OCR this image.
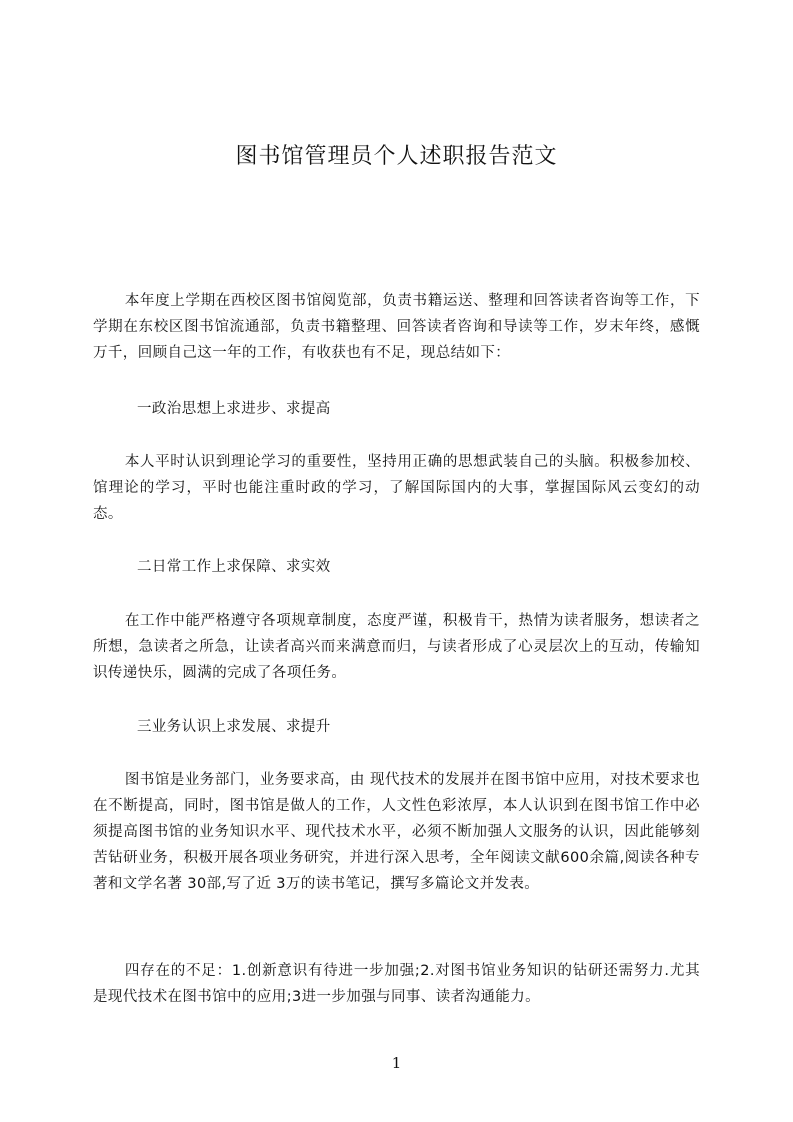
图书馆管理员个人述职报告范文

本年度上学期在西校区图书馆阅览部，负责书籍运送、整理和回答读者咨询等工作，下学期在东校区图书馆流通部，负责书籍整理、回答读者咨询和导读等工作，岁末年终，感慨万千，回顾自己这一年的工作，有收获也有不足，现总结如下：

一政治思想上求进步、求提高

本人平时认识到理论学习的重要性，坚持用正确的思想武装自己的头脑。积极参加校、馆理论的学习，平时也能注重时政的学习，了解国际国内的大事，掌握国际风云变幻的动态。

二日常工作上求保障、求实效

在工作中能严格遵守各项规章制度，态度严谨，积极肯干，热情为读者服务，想读者之所想，急读者之所急，让读者高兴而来满意而归，与读者形成了心灵层次上的互动，传输知识传递快乐，圆满的完成了各项任务。

三业务认识上求发展、求提升

图书馆是业务部门，业务要求高，由 现代技术的发展并在图书馆中应用，对技术要求也在不断提高，同时，图书馆是做人的工作，人文性色彩浓厚，本人认识到在图书馆工作中必须提高图书馆的业务知识水平、现代技术水平，必须不断加强人文服务的认识，因此能够刻苦钻研业务，积极开展各项业务研究，并进行深入思考，全年阅读文献600余篇,阅读各种专著和文学名著 30部,写了近 3万的读书笔记，撰写多篇论文并发表。

四存在的不足：1.创新意识有待进一步加强;2.对图书馆业务知识的钻研还需努力.尤其是现代技术在图书馆中的应用;3进一步加强与同事、读者沟通能力。

1
